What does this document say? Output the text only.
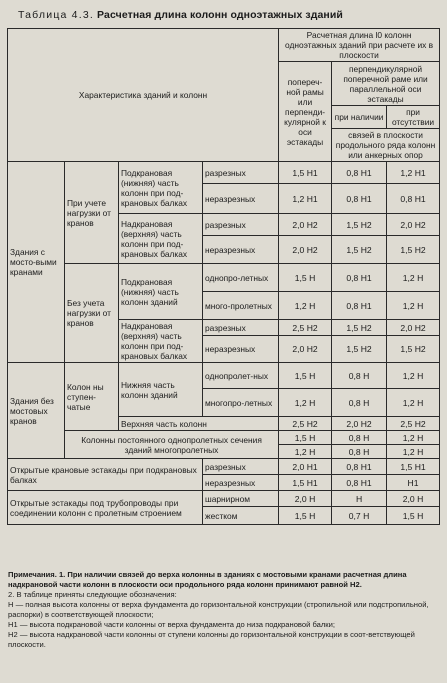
Таблица 4.3. Расчетная длина колонн одноэтажных зданий
Характеристика зданий и колонн				Расчетная длина l0 колонн одноэтажных зданий при расчете их в плоскости		
				попереч-ной рамы или перпенди-кулярной к оси эстакады	перпендикулярной поперечной раме или параллельной оси эстакады	
					при наличии	при отсутствии
					связей в плоскости продольного ряда колонн или анкерных опор	
Здания с мосто-выми кранами	При учете нагрузки от кранов	Подкрановая (нижняя) часть колонн при под-крановых балках	разрезных	1,5 H1	0,8 H1	1,2 H1
			неразрезных	1,2 H1	0,8 H1	0,8 H1
		Надкрановая (верхняя) часть колонн при под-крановых балках	разрезных	2,0 H2	1,5 H2	2,0 H2
			неразрезных	2,0 H2	1,5 H2	1,5 H2
	Без учета нагрузки от кранов	Подкрановая (нижняя) часть колонн зданий	однопро-летных	1,5 H	0,8 H1	1,2 H
			много-пролетных	1,2 H	0,8 H1	1,2 H
		Надкрановая (верхняя) часть колонн при под-крановых балках	разрезных	2,5 H2	1,5 H2	2,0 H2
			неразрезных	2,0 H2	1,5 H2	1,5 H2
Здания без мостовых кранов	Колон ны ступен-чатые	Нижняя часть колонн зданий	однопролет-ных	1,5 H	0,8 H	1,2 H
			многопро-летных	1,2 H	0,8 H	1,2 H
		Верхняя часть колонн		2,5 H2	2,0 H2	2,5 H2
	Колонны постоянного однопролетных сечения зданий многопролетных			1,5 H	0,8 H	1,2 H
				1,2 H	0,8 H	1,2 H
Открытые крановые эстакады при подкрановых балках			разрезных	2,0 H1	0,8 H1	1,5 H1
			неразрезных	1,5 H1	0,8 H1	H1
Открытые эстакады под трубопроводы при соединении колонн с пролетным строением			шарнирном	2,0 H	H	2,0 H
			жестком	1,5 H	0,7 H	1,5 H

Примечания. 1. При наличии связей до верха колонны в зданиях с мостовыми кранами расчетная длина надкрановой части колонн в плоскости оси продольного ряда колонн принимают равной H2.

2. В таблице приняты следующие обозначения:

H — полная высота колонны от верха фундамента до горизонтальной конструкции (стропильной или подстропильной, распорки) в соответствующей плоскости;

H1 — высота подкрановой части колонны от верха фундамента до низа подкрановой балки;

H2 — высота надкрановой части колонны от ступени колонны до горизонтальной конструкции в соот-ветствующей плоскости.
